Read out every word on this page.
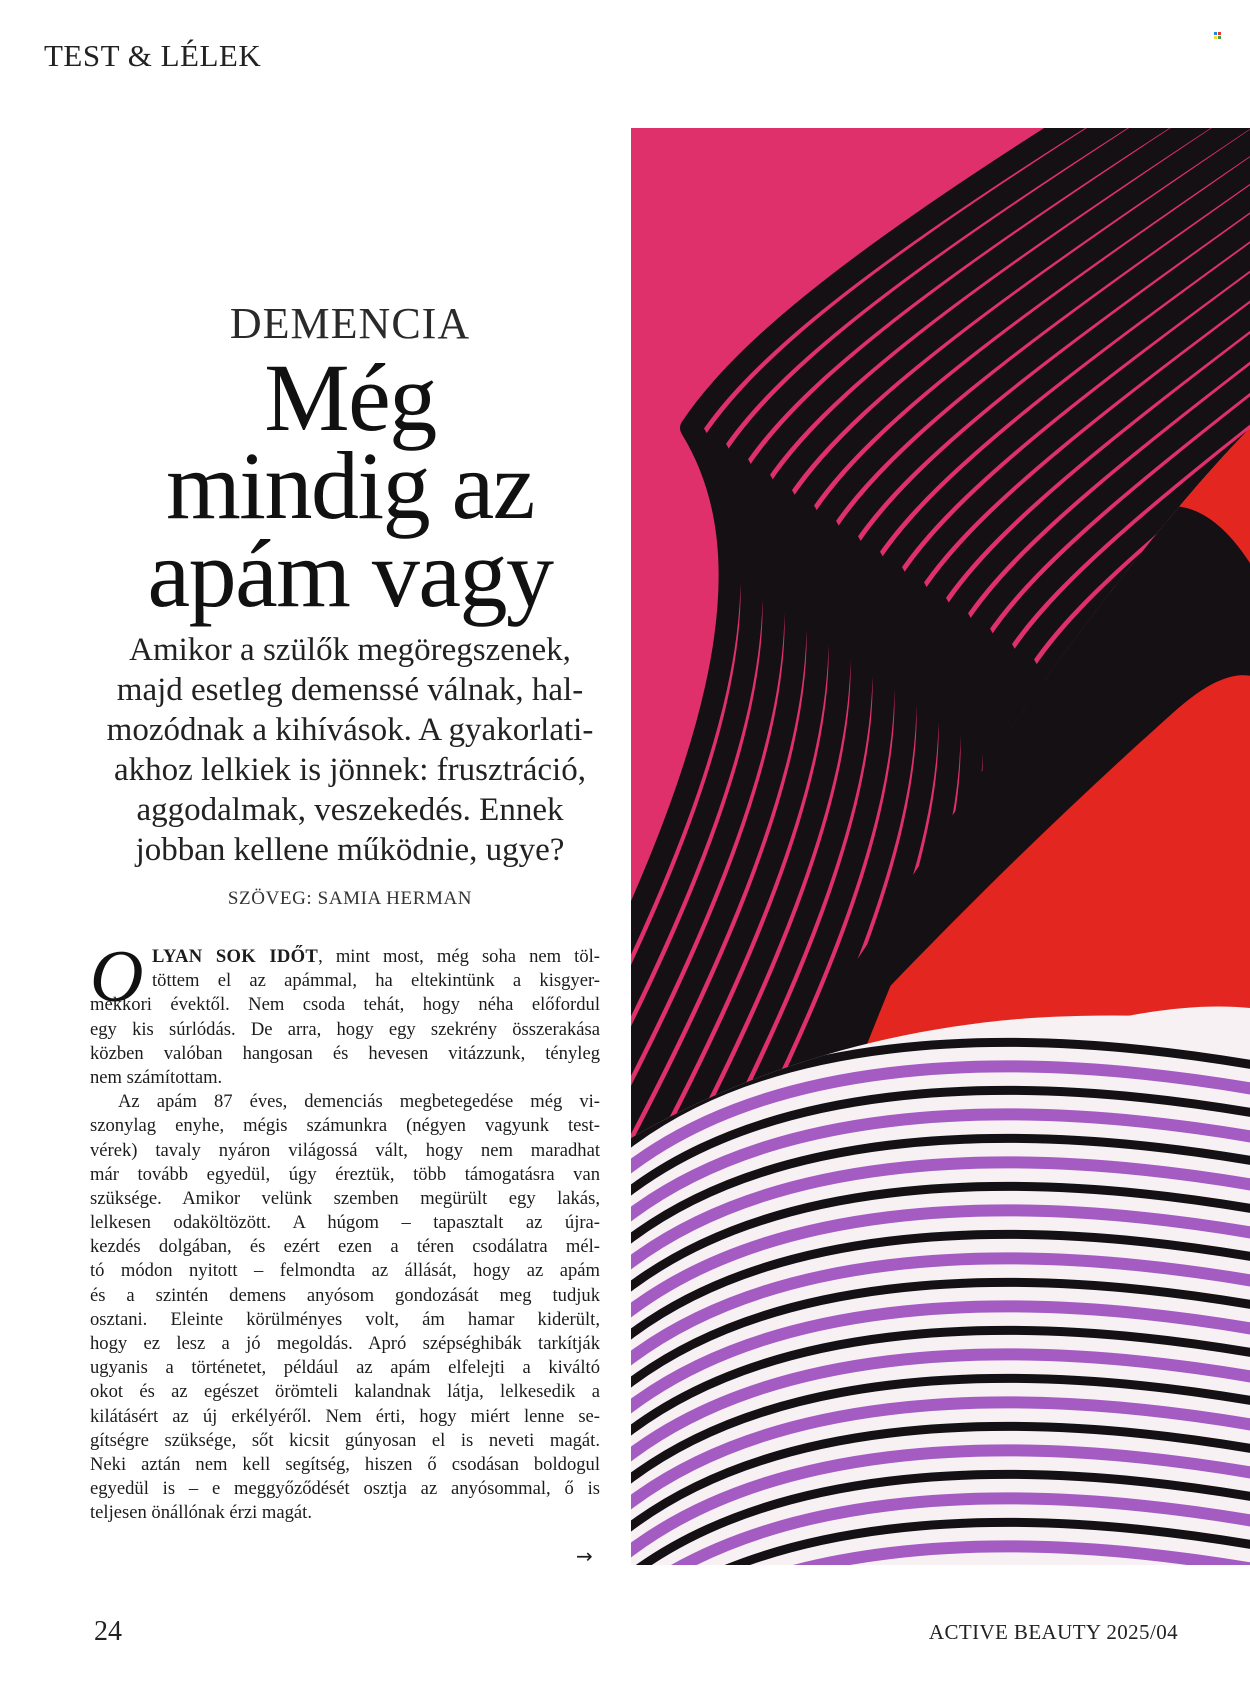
TEST & LÉLEK
DEMENCIA
Még
mindig az
apám vagy
Amikor a szülők megöregszenek,
majd esetleg demenssé válnak, hal-
mozódnak a kihívások. A gyakorlati-
akhoz lelkiek is jönnek: frusztráció,
aggodalmak, veszekedés. Ennek
jobban kellene működnie, ugye?
SZÖVEG: SAMIA HERMAN
O LYAN SOK IDŐT, mint most, még soha nem töl-
töttem el az apámmal, ha eltekintünk a kisgyer-
mekkori évektől. Nem csoda tehát, hogy néha előfordul
egy kis súrlódás. De arra, hogy egy szekrény összerakása
közben valóban hangosan és hevesen vitázzunk, tényleg
nem számítottam.
Az apám 87 éves, demenciás megbetegedése még vi-
szonylag enyhe, mégis számunkra (négyen vagyunk test-
vérek) tavaly nyáron világossá vált, hogy nem maradhat
már tovább egyedül, úgy éreztük, több támogatásra van
szüksége. Amikor velünk szemben megürült egy lakás,
lelkesen odaköltözött. A húgom – tapasztalt az újra-
kezdés dolgában, és ezért ezen a téren csodálatra mél-
tó módon nyitott – felmondta az állását, hogy az apám
és a szintén demens anyósom gondozását meg tudjuk
osztani. Eleinte körülményes volt, ám hamar kiderült,
hogy ez lesz a jó megoldás. Apró szépséghibák tarkítják
ugyanis a történetet, például az apám elfelejti a kiváltó
okot és az egészet örömteli kalandnak látja, lelkesedik a
kilátásért az új erkélyéről. Nem érti, hogy miért lenne se-
gítségre szüksége, sőt kicsit gúnyosan el is neveti magát.
Neki aztán nem kell segítség, hiszen ő csodásan boldogul
egyedül is – e meggyőződését osztja az anyósommal, ő is
teljesen önállónak érzi magát.
→
24	ACTIVE BEAUTY 2025/04
